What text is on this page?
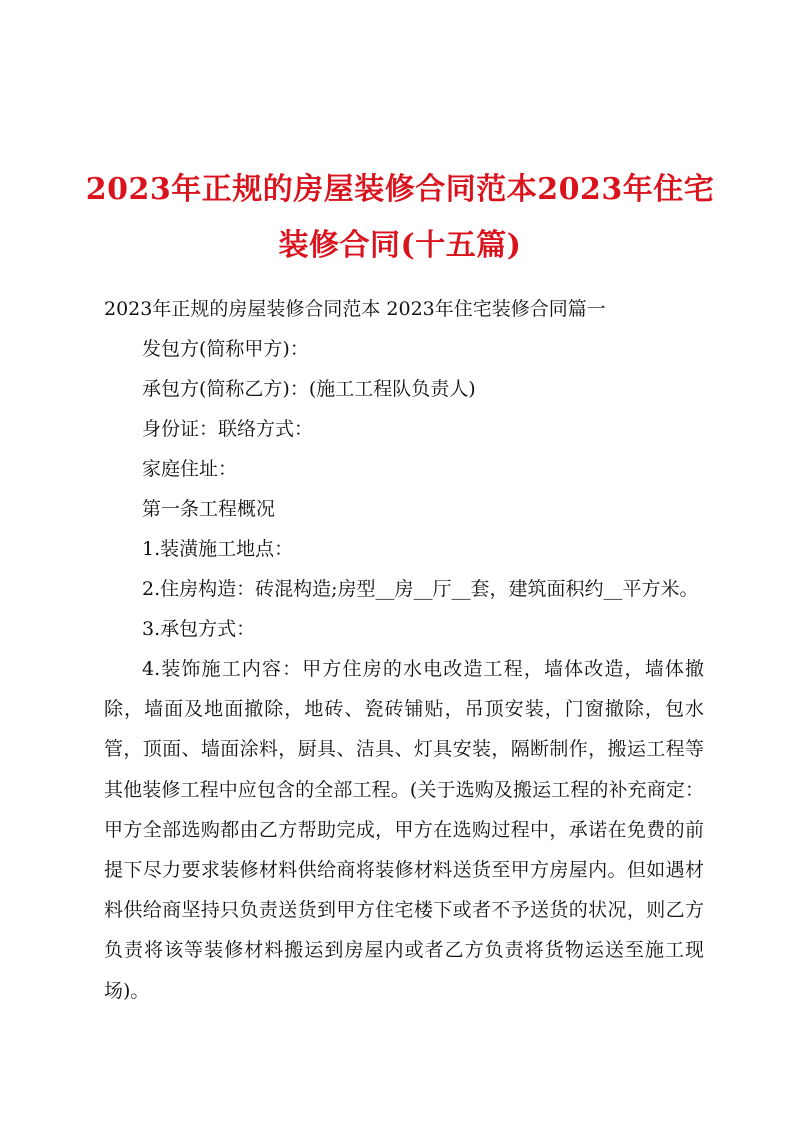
2023年正规的房屋装修合同范本2023年住宅
装修合同(十五篇)
2023年正规的房屋装修合同范本 2023年住宅装修合同篇一
发包方(简称甲方)：
承包方(简称乙方)：(施工工程队负责人)
身份证：联络方式：
家庭住址：
第一条工程概况
1.装潢施工地点：
2.住房构造：砖混构造;房型__房__厅__套，建筑面积约__平方米。
3.承包方式：

4.装饰施工内容：甲方住房的水电改造工程，墙体改造，墙体撤除，墙面及地面撤除，地砖、瓷砖铺贴，吊顶安装，门窗撤除，包水管，顶面、墙面涂料，厨具、洁具、灯具安装，隔断制作，搬运工程等其他装修工程中应包含的全部工程。(关于选购及搬运工程的补充商定：甲方全部选购都由乙方帮助完成，甲方在选购过程中，承诺在免费的前提下尽力要求装修材料供给商将装修材料送货至甲方房屋内。但如遇材料供给商坚持只负责送货到甲方住宅楼下或者不予送货的状况，则乙方负责将该等装修材料搬运到房屋内或者乙方负责将货物运送至施工现场)。
